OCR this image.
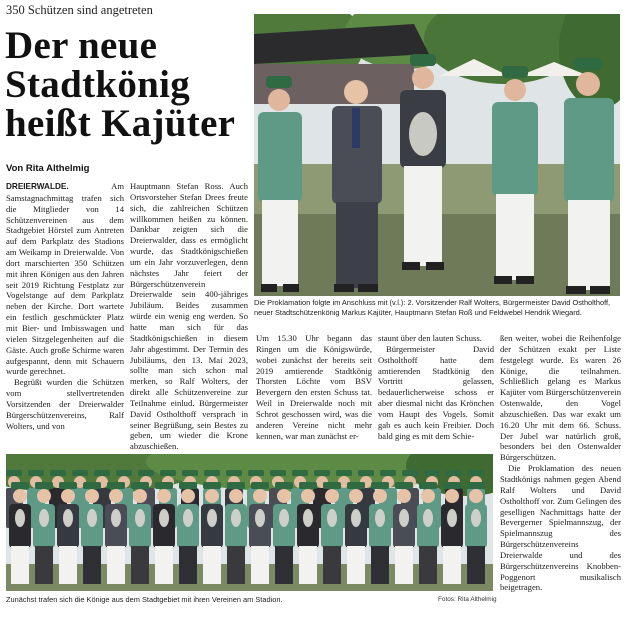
350 Schützen sind angetreten
Der neue
Stadtkönig
heißt Kajüter
Von Rita Althelmig
Die Proklamation folgte im Anschluss mit (v.l.): 2. Vorsitzender Ralf Wolters, Bürgermeister David Ostholthoff, neuer Stadtschützenkönig Markus Kajüter, Hauptmann Stefan Roß und Feldwebel Hendrik Wiegard.

DREIERWALDE.	Am Samstagnachmittag trafen sich die Mitglieder von 14 Schützenvereinen aus dem Stadtgebiet Hörstel zum Antreten auf dem Parkplatz des Stadions am Weikamp in Dreierwalde. Von dort marschierten 350 Schützen mit ihren Königen aus den Jahren seit 2019 Richtung Festplatz zur Vogelstange auf dem Parkplatz neben der Kirche. Dort wartete ein festlich geschmückter Platz mit Bier- und Imbisswagen und vielen Sitzgelegenheiten auf die Gäste. Auch große Schirme waren aufgespannt, denn mit Schauern wurde gerechnet.

Begrüßt wurden die Schützen vom stellvertretenden Vorsitzenden der Dreierwalder Bürgerschützenvereins, Ralf Wolters, und von

Hauptmann Stefan Ross. Auch Ortsvorsteher Stefan Drees freute sich, die zahlreichen Schützen willkommen heißen zu können. Dankbar zeigten sich die Dreierwalder, dass es ermöglicht wurde, das Stadtkönigschießen um ein Jahr vorzuverlegen, denn nächstes Jahr feiert der Bürgerschützenverein Dreierwalde sein 400-jähriges Jubiläum. Beides zusammen würde ein wenig eng werden. So hatte man sich für das Stadtkönigschießen in diesem Jahr abgestimmt. Der Termin des Jubiläums, den 13. Mai 2023, sollte man sich schon mal merken, so Ralf Wolters, der direkt alle Schützenvereine zur Teilnahme einlud. Bürgermeister David Ostholthoff versprach in seiner Begrüßung, sein Bestes zu geben, um wieder die Krone abzuschießen.

Um 15.30 Uhr begann das Ringen um die Königswürde, wobei zunächst der bereits seit 2019 amtierende Stadtkönig Thorsten Löchte vom BSV Bevergern den ersten Schuss tat. Weil in Dreierwalde noch mit Schrot geschossen wird, was die anderen Vereine nicht mehr kennen, war man zunächst er-

staunt über den lauten Schuss.

Bürgermeister David Ostholthoff hatte dem amtierenden Stadtkönig den Vortritt gelassen, bedauerlicherweise schoss er aber diesmal nicht das Krönchen vom Haupt des Vogels. Somit gab es auch kein Freibier. Doch bald ging es mit dem Schie-

ßen weiter, wobei die Reihenfolge der Schützen exakt per Liste festgelegt wurde. Es waren 26 Könige, die teilnahmen. Schließlich gelang es Markus Kajüter vom Bürgerschützenverein Ostenwalde, den Vogel abzuschießen. Das war exakt um 16.20 Uhr mit dem 66. Schuss. Der Jubel war natürlich groß, besonders bei den Ostenwalder Bürgerschützen.

Die Proklamation des neuen Stadtkönigs nahmen gegen Abend Ralf Wolters und David Ostholthoff vor. Zum Gelingen des geselligen Nachmittags hatte der Bevergerner Spielmannszug, der Spielmannszug des Bürgerschützenvereins Dreierwalde und des Bürgerschützenvereins Knobben-Poggenort musikalisch beigetragen.

Zunächst trafen sich die Könige aus dem Stadtgebiet mit ihren Vereinen am Stadion.	Fotos: Rita Althelmig
